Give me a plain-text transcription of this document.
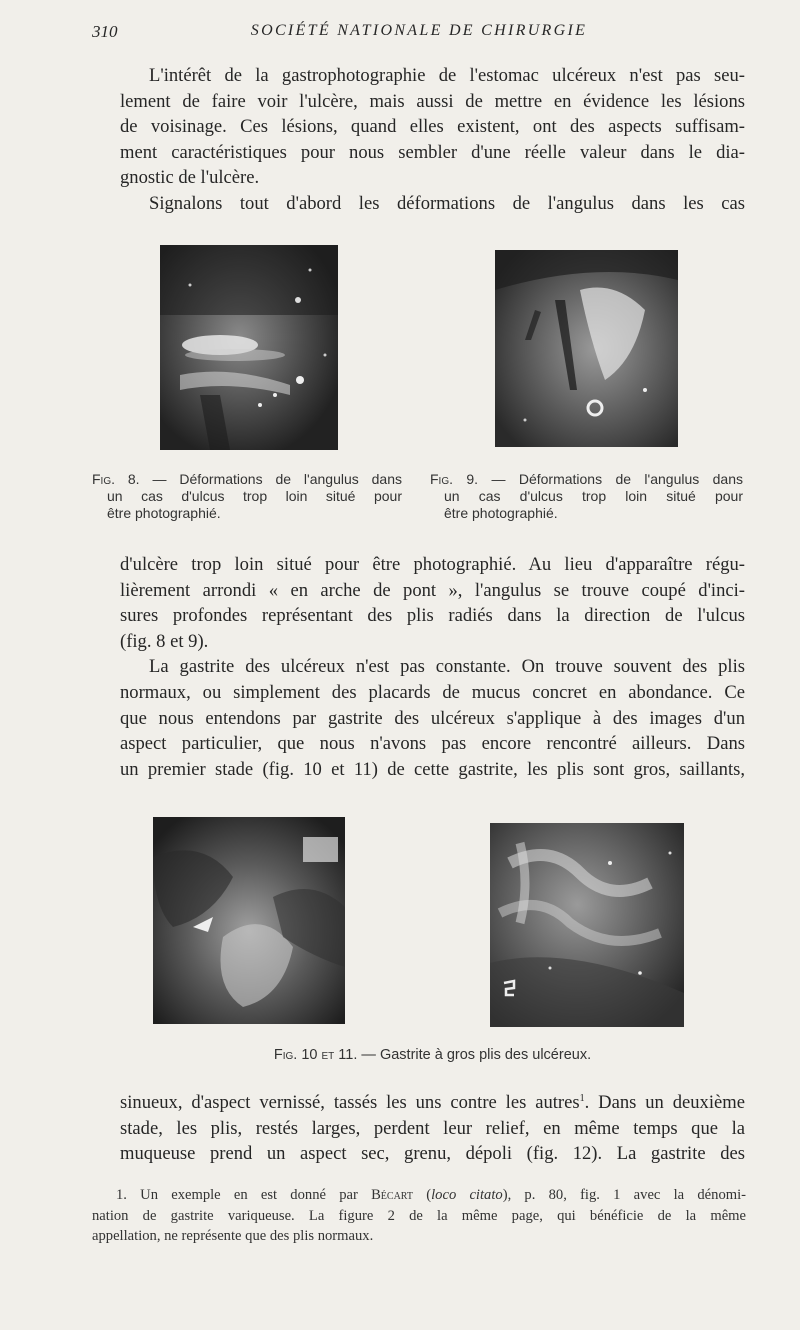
310	SOCIÉTÉ NATIONALE DE CHIRURGIE
L'intérêt de la gastrophotographie de l'estomac ulcéreux n'est pas seu-
lement de faire voir l'ulcère, mais aussi de mettre en évidence les lésions
de voisinage. Ces lésions, quand elles existent, ont des aspects suffisam-
ment caractéristiques pour nous sembler d'une réelle valeur dans le dia-
gnostic de l'ulcère.
Signalons tout d'abord les déformations de l'angulus dans les cas
Fig. 8. — Déformations de l'angulus dans
un cas d'ulcus trop loin situé pour
être photographié.
Fig. 9. — Déformations de l'angulus dans
un cas d'ulcus trop loin situé pour
être photographié.
d'ulcère trop loin situé pour être photographié. Au lieu d'apparaître régu-
lièrement arrondi « en arche de pont », l'angulus se trouve coupé d'inci-
sures profondes représentant des plis radiés dans la direction de l'ulcus
(fig. 8 et 9).
La gastrite des ulcéreux n'est pas constante. On trouve souvent des plis
normaux, ou simplement des placards de mucus concret en abondance. Ce
que nous entendons par gastrite des ulcéreux s'applique à des images d'un
aspect particulier, que nous n'avons pas encore rencontré ailleurs. Dans
un premier stade (fig. 10 et 11) de cette gastrite, les plis sont gros, saillants,
Fig. 10 et 11. — Gastrite à gros plis des ulcéreux.
sinueux, d'aspect vernissé, tassés les uns contre les autres$^1$. Dans un deuxième
stade, les plis, restés larges, perdent leur relief, en même temps que la
muqueuse prend un aspect sec, grenu, dépoli (fig. 12). La gastrite des
1. Un exemple en est donné par Bécart (loco citato), p. 80, fig. 1 avec la dénomi-
nation de gastrite variqueuse. La figure 2 de la même page, qui bénéficie de la même
appellation, ne représente que des plis normaux.
